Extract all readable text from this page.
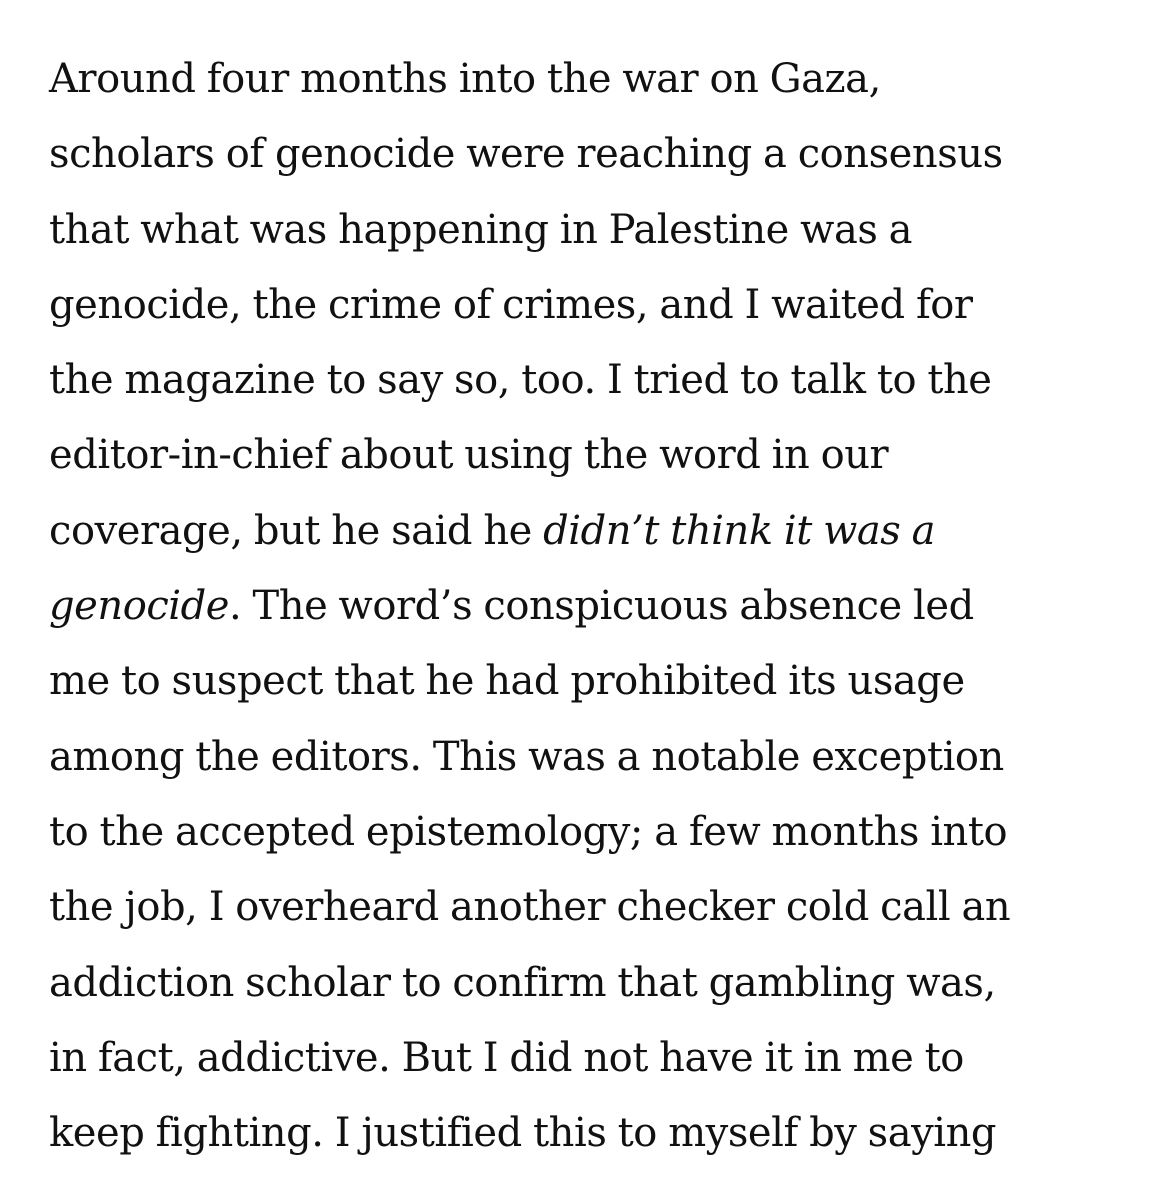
Around four months into the war on Gaza,
scholars of genocide were reaching a consensus
that what was happening in Palestine was a
genocide, the crime of crimes, and I waited for
the magazine to say so, too. I tried to talk to the
editor-in-chief about using the word in our
coverage, but he said he didn’t think it was a
genocide. The word’s conspicuous absence led
me to suspect that he had prohibited its usage
among the editors. This was a notable exception
to the accepted epistemology; a few months into
the job, I overheard another checker cold call an
addiction scholar to confirm that gambling was,
in fact, addictive. But I did not have it in me to
keep fighting. I justified this to myself by saying
